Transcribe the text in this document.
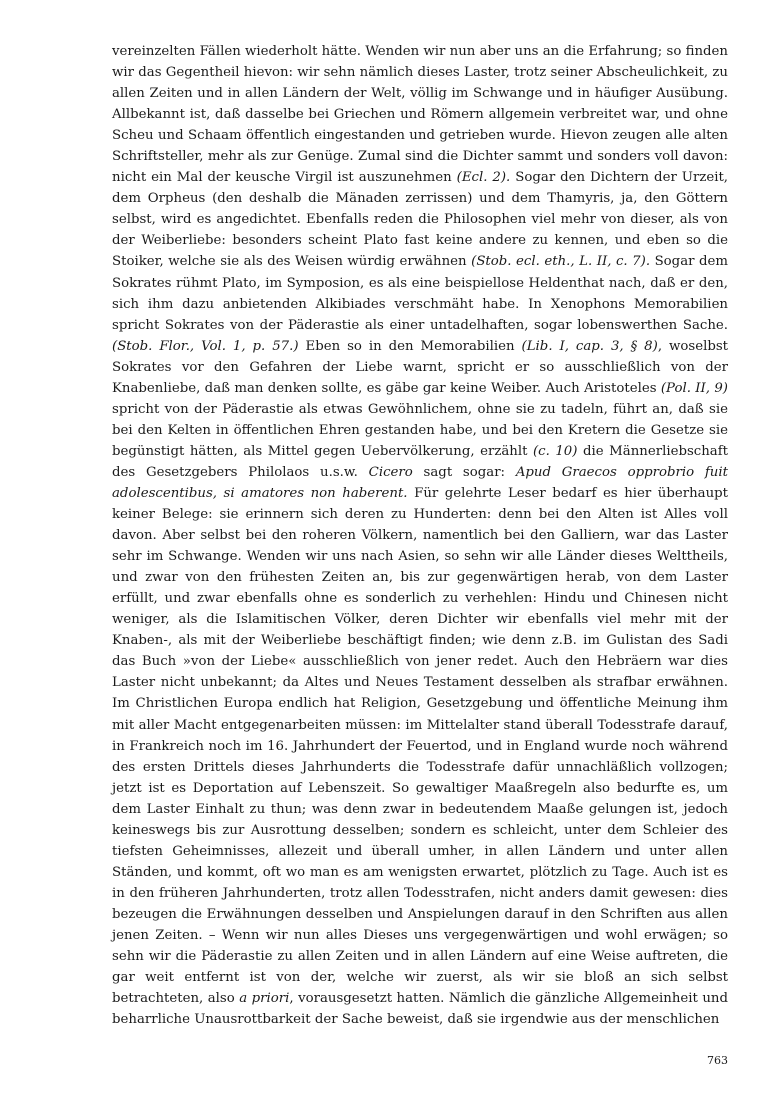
vereinzelten Fällen wiederholt hätte. Wenden wir nun aber uns an die Erfahrung; so finden wir das Gegentheil hievon: wir sehn nämlich dieses Laster, trotz seiner Abscheulichkeit, zu allen Zeiten und in allen Ländern der Welt, völlig im Schwange und in häufiger Ausübung. Allbekannt ist, daß dasselbe bei Griechen und Römern allgemein verbreitet war, und ohne Scheu und Schaam öffentlich eingestanden und getrieben wurde. Hievon zeugen alle alten Schriftsteller, mehr als zur Genüge. Zumal sind die Dichter sammt und sonders voll davon: nicht ein Mal der keusche Virgil ist auszunehmen (Ecl. 2). Sogar den Dichtern der Urzeit, dem Orpheus (den deshalb die Mänaden zerrissen) und dem Thamyris, ja, den Göttern selbst, wird es angedichtet. Ebenfalls reden die Philosophen viel mehr von dieser, als von der Weiberliebe: besonders scheint Plato fast keine andere zu kennen, und eben so die Stoiker, welche sie als des Weisen würdig erwähnen (Stob. ecl. eth., L. II, c. 7). Sogar dem Sokrates rühmt Plato, im Symposion, es als eine beispiellose Heldenthat nach, daß er den, sich ihm dazu anbietenden Alkibiades verschmäht habe. In Xenophons Memorabilien spricht Sokrates von der Päderastie als einer untadelhaften, sogar lobenswerthen Sache. (Stob. Flor., Vol. 1, p. 57.) Eben so in den Memorabilien (Lib. I, cap. 3, § 8), woselbst Sokrates vor den Gefahren der Liebe warnt, spricht er so ausschließlich von der Knabenliebe, daß man denken sollte, es gäbe gar keine Weiber. Auch Aristoteles (Pol. II, 9) spricht von der Päderastie als etwas Gewöhnlichem, ohne sie zu tadeln, führt an, daß sie bei den Kelten in öffentlichen Ehren gestanden habe, und bei den Kretern die Gesetze sie begünstigt hätten, als Mittel gegen Uebervölkerung, erzählt (c. 10) die Männerliebschaft des Gesetzgebers Philolaos u.s.w. Cicero sagt sogar: Apud Graecos opprobrio fuit adolescentibus, si amatores non haberent. Für gelehrte Leser bedarf es hier überhaupt keiner Belege: sie erinnern sich deren zu Hunderten: denn bei den Alten ist Alles voll davon. Aber selbst bei den roheren Völkern, namentlich bei den Galliern, war das Laster sehr im Schwange. Wenden wir uns nach Asien, so sehn wir alle Länder dieses Welttheils, und zwar von den frühesten Zeiten an, bis zur gegenwärtigen herab, von dem Laster erfüllt, und zwar ebenfalls ohne es sonderlich zu verhehlen: Hindu und Chinesen nicht weniger, als die Islamitischen Völker, deren Dichter wir ebenfalls viel mehr mit der Knaben-, als mit der Weiberliebe beschäftigt finden; wie denn z.B. im Gulistan des Sadi das Buch »von der Liebe« ausschließlich von jener redet. Auch den Hebräern war dies Laster nicht unbekannt; da Altes und Neues Testament desselben als strafbar erwähnen. Im Christlichen Europa endlich hat Religion, Gesetzgebung und öffentliche Meinung ihm mit aller Macht entgegenarbeiten müssen: im Mittelalter stand überall Todesstrafe darauf, in Frankreich noch im 16. Jahrhundert der Feuertod, und in England wurde noch während des ersten Drittels dieses Jahrhunderts die Todesstrafe dafür unnachläßlich vollzogen; jetzt ist es Deportation auf Lebenszeit. So gewaltiger Maaßregeln also bedurfte es, um dem Laster Einhalt zu thun; was denn zwar in bedeutendem Maaße gelungen ist, jedoch keineswegs bis zur Ausrottung desselben; sondern es schleicht, unter dem Schleier des tiefsten Geheimnisses, allezeit und überall umher, in allen Ländern und unter allen Ständen, und kommt, oft wo man es am wenigsten erwartet, plötzlich zu Tage. Auch ist es in den früheren Jahrhunderten, trotz allen Todesstrafen, nicht anders damit gewesen: dies bezeugen die Erwähnungen desselben und Anspielungen darauf in den Schriften aus allen jenen Zeiten. – Wenn wir nun alles Dieses uns vergegenwärtigen und wohl erwägen; so sehn wir die Päderastie zu allen Zeiten und in allen Ländern auf eine Weise auftreten, die gar weit entfernt ist von der, welche wir zuerst, als wir sie bloß an sich selbst betrachteten, also a priori, vorausgesetzt hatten. Nämlich die gänzliche Allgemeinheit und beharrliche Unausrottbarkeit der Sache beweist, daß sie irgendwie aus der menschlichen

763
